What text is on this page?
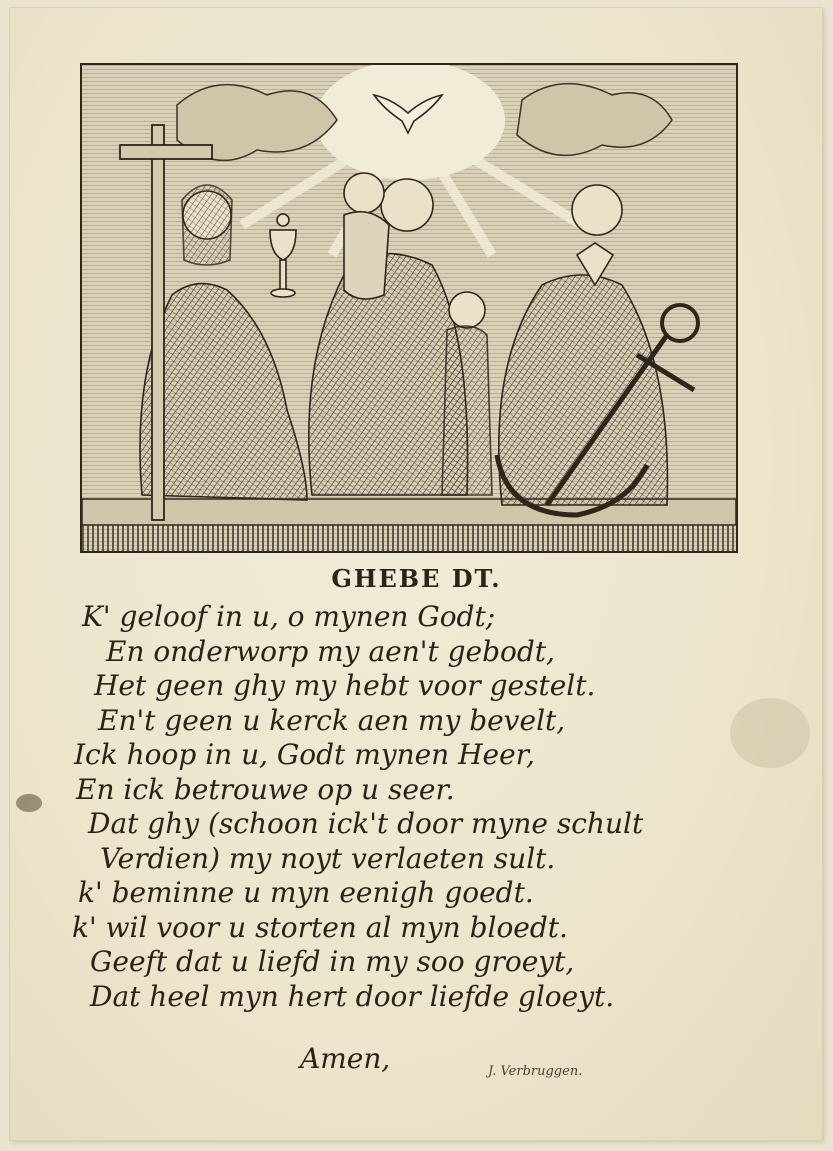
GHEBE DT.
K' geloof in u, o mynen Godt;
En onderworp my aen't gebodt,
Het geen ghy my hebt voor gestelt.
En't geen u kerck aen my bevelt,
Ick hoop in u, Godt mynen Heer,
En ick betrouwe op u seer.
Dat ghy (schoon ick't door myne schult
Verdien) my noyt verlaeten sult.
k' beminne u myn eenigh goedt.
k' wil voor u storten al myn bloedt.
Geeft dat u liefd in my soo groeyt,
Dat heel myn hert door liefde gloeyt.
Amen,	J. Verbruggen.
